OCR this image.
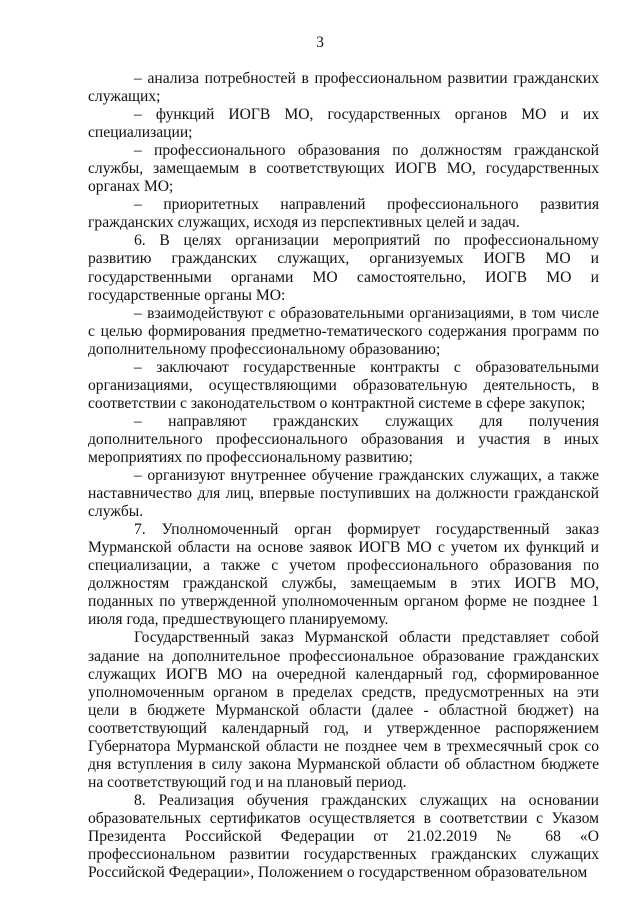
3

– анализа потребностей в профессиональном развитии гражданских служащих;

– функций ИОГВ МО, государственных органов МО и их специализации;

– профессионального образования по должностям гражданской службы, замещаемым в соответствующих ИОГВ МО, государственных органах МО;

– приоритетных направлений профессионального развития гражданских служащих, исходя из перспективных целей и задач.

6. В целях организации мероприятий по профессиональному развитию гражданских служащих, организуемых ИОГВ МО и государственными органами МО самостоятельно, ИОГВ МО и государственные органы МО:

– взаимодействуют с образовательными организациями, в том числе с целью формирования предметно-тематического содержания программ по дополнительному профессиональному образованию;

– заключают государственные контракты с образовательными организациями, осуществляющими образовательную деятельность, в соответствии с законодательством о контрактной системе в сфере закупок;

– направляют гражданских служащих для получения дополнительного профессионального образования и участия в иных мероприятиях по профессиональному развитию;

– организуют внутреннее обучение гражданских служащих, а также наставничество для лиц, впервые поступивших на должности гражданской службы.

7. Уполномоченный орган формирует государственный заказ Мурманской области на основе заявок ИОГВ МО с учетом их функций и специализации, а также с учетом профессионального образования по должностям гражданской службы, замещаемым в этих ИОГВ МО, поданных по утвержденной уполномоченным органом форме не позднее 1 июля года, предшествующего планируемому.

Государственный заказ Мурманской области представляет собой задание на дополнительное профессиональное образование гражданских служащих ИОГВ МО на очередной календарный год, сформированное уполномоченным органом в пределах средств, предусмотренных на эти цели в бюджете Мурманской области (далее - областной бюджет) на соответствующий календарный год, и утвержденное распоряжением Губернатора Мурманской области не позднее чем в трехмесячный срок со дня вступления в силу закона Мурманской области об областном бюджете на соответствующий год и на плановый период.

8. Реализация обучения гражданских служащих на основании образовательных сертификатов осуществляется в соответствии с Указом Президента Российской Федерации от 21.02.2019 № 68 «О профессиональном развитии государственных гражданских служащих Российской Федерации», Положением о государственном образовательном
